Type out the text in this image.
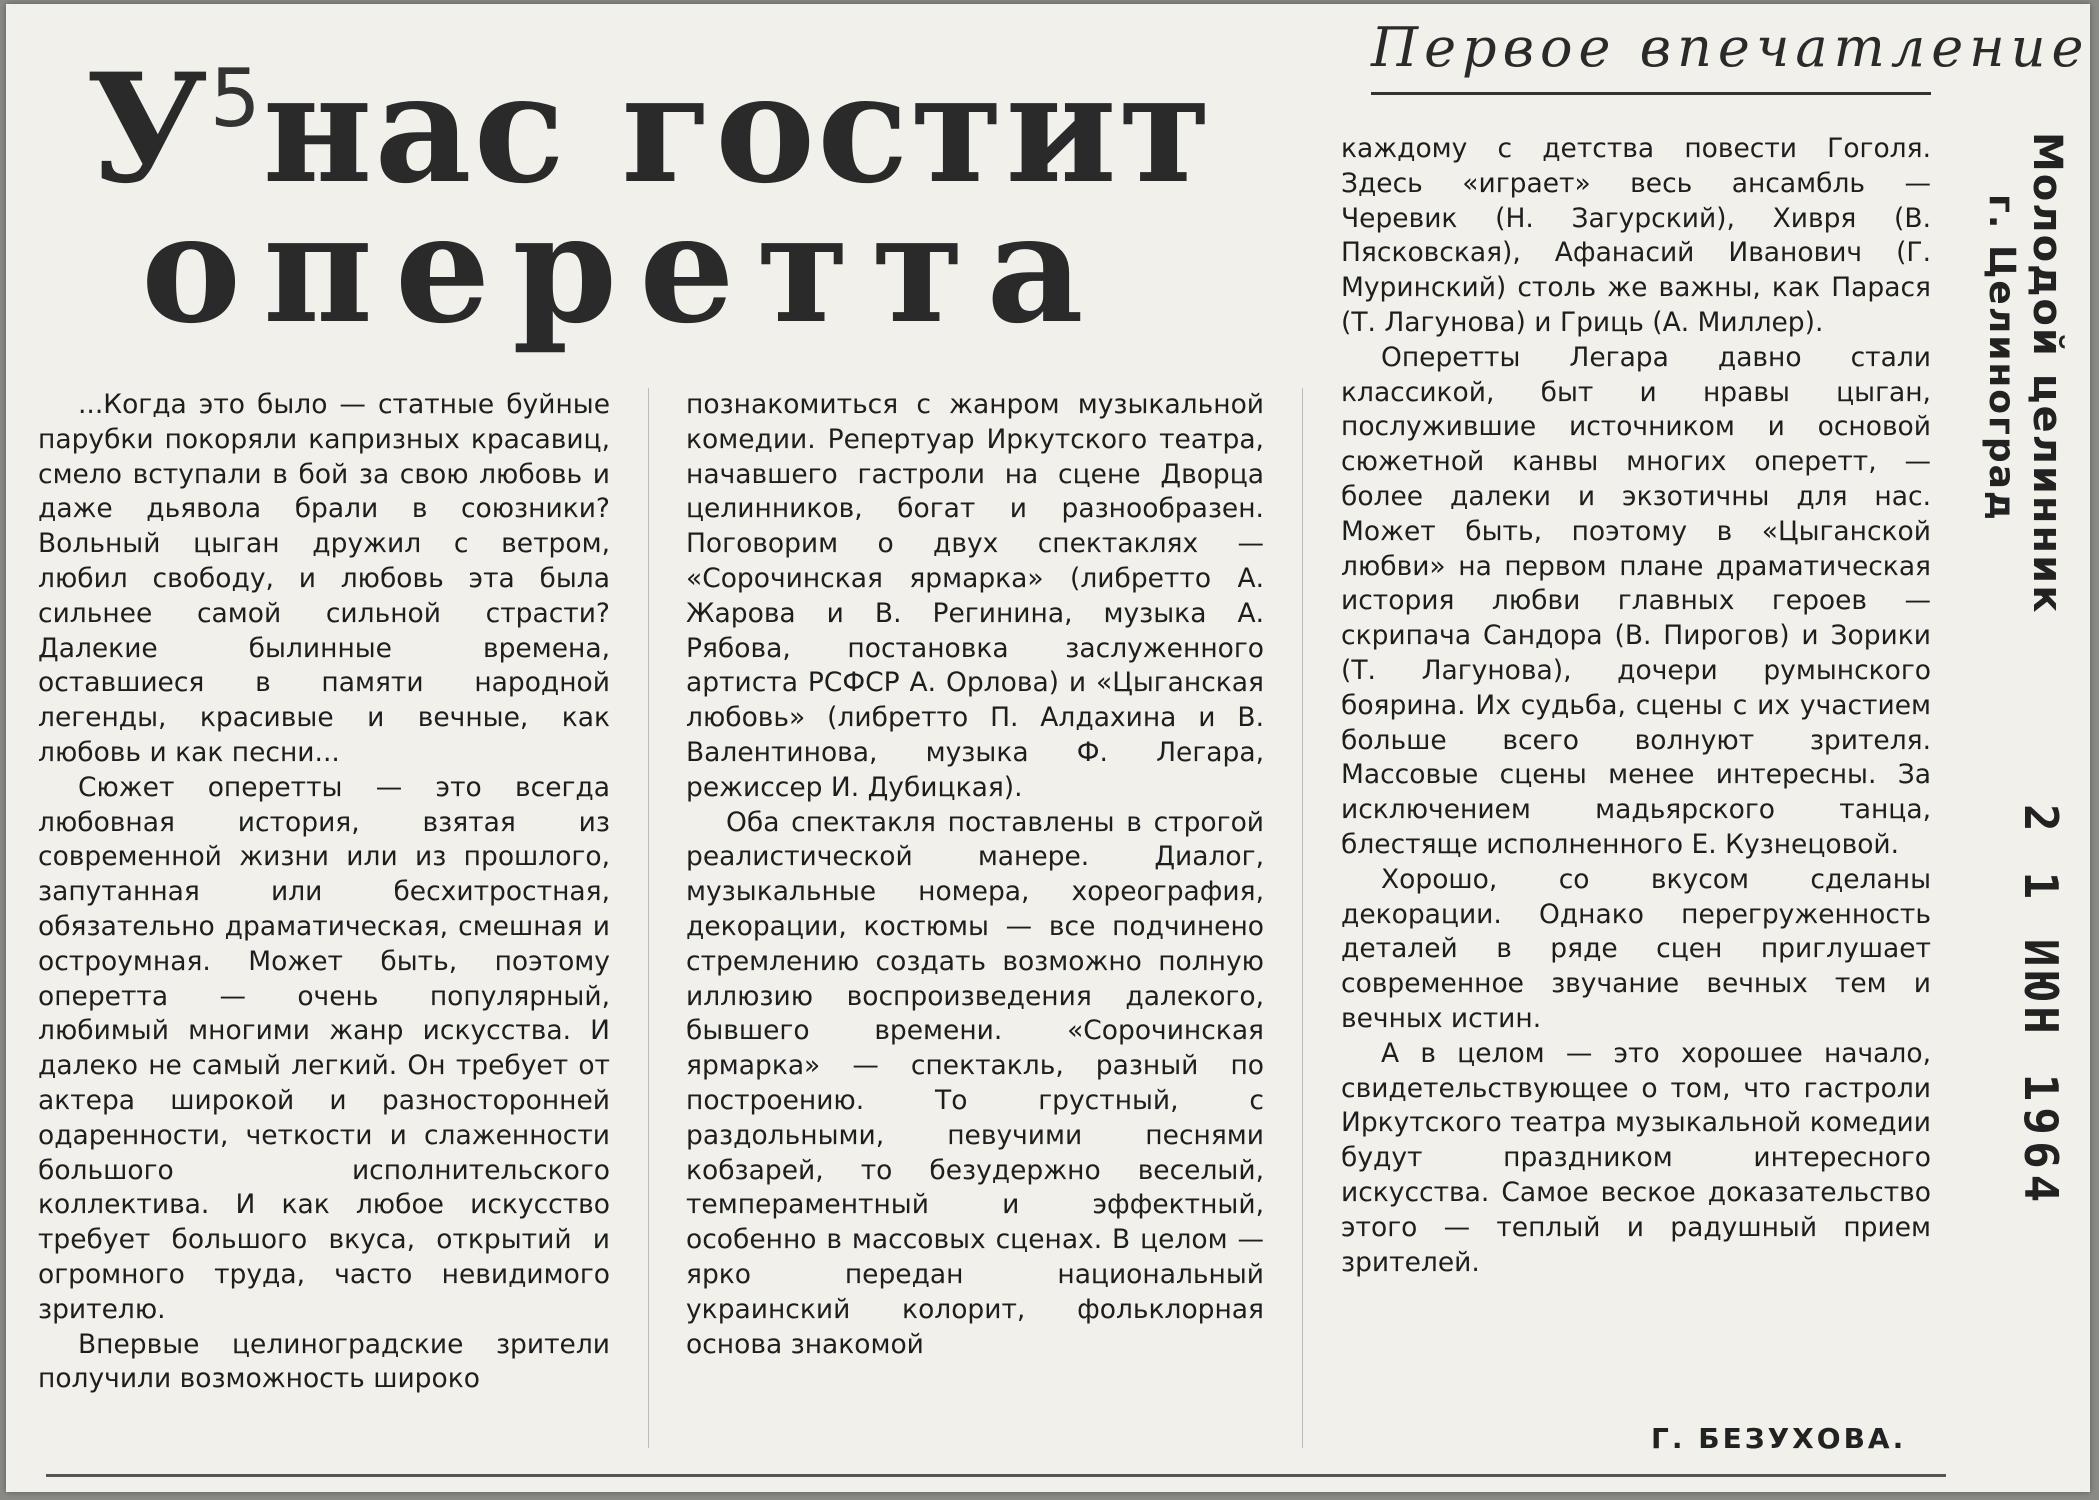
$У^5нас$ гостит
оперетта
Первое впечатление

...Когда это было — статные буйные парубки покоряли капризных красавиц, смело вступали в бой за свою любовь и даже дьявола брали в союзники? Вольный цыган дружил с ветром, любил свободу, и любовь эта была сильнее самой сильной страсти? Далекие былинные времена, оставшиеся в памяти народной легенды, красивые и вечные, как любовь и как песни...

Сюжет оперетты — это всегда любовная история, взятая из современной жизни или из прошлого, запутанная или бесхитростная, обязательно драматическая, смешная и остроумная. Может быть, поэтому оперетта — очень популярный, любимый многими жанр искусства. И далеко не самый легкий. Он требует от актера широкой и разносторонней одаренности, четкости и слаженности большого исполнительского коллектива. И как любое искусство требует большого вкуса, открытий и огромного труда, часто невидимого зрителю.

Впервые целиноградские зрители получили возможность широко

познакомиться с жанром музыкальной комедии. Репертуар Иркутского театра, начавшего гастроли на сцене Дворца целинников, богат и разнообразен. Поговорим о двух спектаклях — «Сорочинская ярмарка» (либретто А. Жарова и В. Регинина, музыка А. Рябова, постановка заслуженного артиста РСФСР А. Орлова) и «Цыганская любовь» (либретто П. Алдахина и В. Валентинова, музыка Ф. Легара, режиссер И. Дубицкая).

Оба спектакля поставлены в строгой реалистической манере. Диалог, музыкальные номера, хореография, декорации, костюмы — все подчинено стремлению создать возможно полную иллюзию воспроизведения далекого, бывшего времени. «Сорочинская ярмарка» — спектакль, разный по построению. То грустный, с раздольными, певучими песнями кобзарей, то безудержно веселый, темпераментный и эффектный, особенно в массовых сценах. В целом — ярко передан национальный украинский колорит, фольклорная основа знакомой

каждому с детства повести Гоголя. Здесь «играет» весь ансамбль — Черевик (Н. Загурский), Хивря (В. Пясковская), Афанасий Иванович (Г. Муринский) столь же важны, как Парася (Т. Лагунова) и Гриць (А. Миллер).

Оперетты Легара давно стали классикой, быт и нравы цыган, послужившие источником и основой сюжетной канвы многих оперетт, — более далеки и экзотичны для нас. Может быть, поэтому в «Цыганской любви» на первом плане драматическая история любви главных героев — скрипача Сандора (В. Пирогов) и Зорики (Т. Лагунова), дочери румынского боярина. Их судьба, сцены с их участием больше всего волнуют зрителя. Массовые сцены менее интересны. За исключением мадьярского танца, блестяще исполненного Е. Кузнецовой.

Хорошо, со вкусом сделаны декорации. Однако перегруженность деталей в ряде сцен приглушает современное звучание вечных тем и вечных истин.

А в целом — это хорошее начало, свидетельствующее о том, что гастроли Иркутского театра музыкальной комедии будут праздником интересного искусства. Самое веское доказательство этого — теплый и радушный прием зрителей.

Г. БЕЗУХОВА.
Молодой целинник
г. Целиноград
2 1 ИЮН 1964
